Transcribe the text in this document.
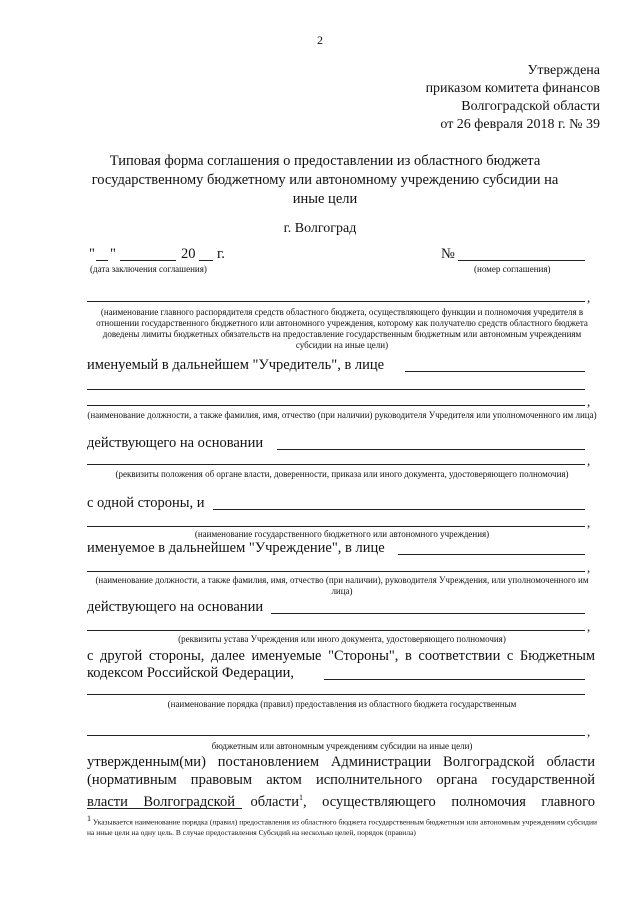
2
Утверждена
приказом комитета финансов
Волгоградской области
от 26 февраля 2018 г. № 39
Типовая форма соглашения о предоставлении из областного бюджета государственному бюджетному или автономному учреждению субсидии на иные цели
г. Волгоград
" "	20 г.	№
(дата заключения соглашения)	(номер соглашения)
,
(наименование главного распорядителя средств областного бюджета, осуществляющего функции и полномочия учредителя в отношении государственного бюджетного или автономного учреждения, которому как получателю средств областного бюджета доведены лимиты бюджетных обязательств на предоставление государственным бюджетным или автономным учреждениям субсидии на иные цели)
именуемый в дальнейшем "Учредитель", в лице
,
(наименование должности, а также фамилия, имя, отчество (при наличии) руководителя Учредителя или уполномоченного им лица)
действующего на основании
,
(реквизиты положения об органе власти, доверенности, приказа или иного документа, удостоверяющего полномочия)
с одной стороны, и
,
(наименование государственного бюджетного или автономного учреждения)
именуемое в дальнейшем "Учреждение", в лице
,
(наименование должности, а также фамилия, имя, отчество (при наличии), руководителя Учреждения, или уполномоченного им лица)
действующего на основании
,
(реквизиты устава Учреждения или иного документа, удостоверяющего полномочия)
с другой стороны, далее именуемые "Стороны", в соответствии с Бюджетным
кодексом Российской Федерации,
(наименование порядка (правил) предоставления из областного бюджета государственным
,
бюджетным или автономным учреждениям субсидии на иные цели)
утвержденным(ми) постановлением Администрации Волгоградской области
(нормативным правовым актом исполнительного органа государственной
власти Волгоградской области$^1$, осуществляющего полномочия главного
$^1$ Указывается наименование порядка (правил) предоставления из областного бюджета государственным бюджетным или автономным учреждениям субсидии на иные цели на одну цель. В случае предоставления Субсидий на несколько целей, порядок (правила)
